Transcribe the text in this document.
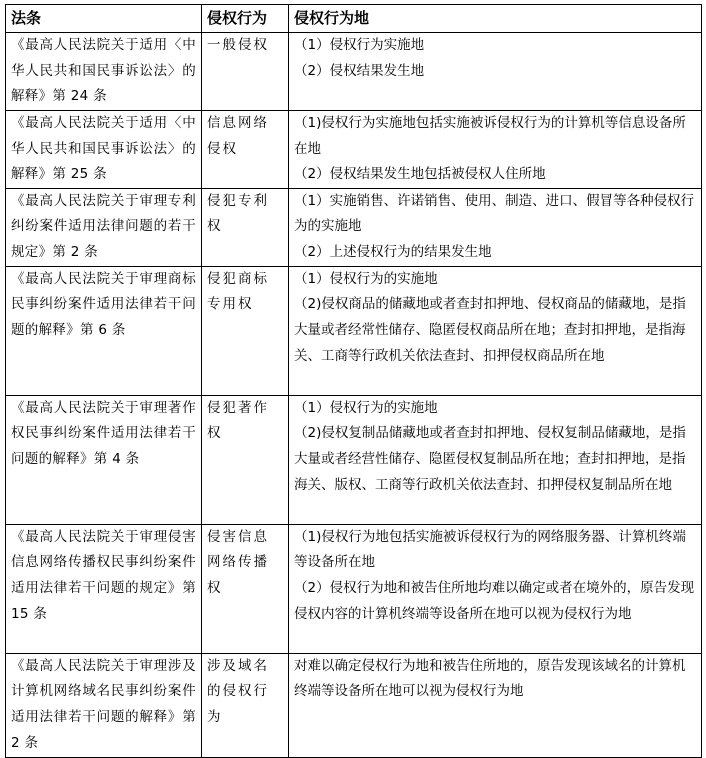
法条	侵权行为	侵权行为地
《最高人民法院关于适用〈中华人民共和国民事诉讼法〉的解释》第 24 条	一般侵权	（1）侵权行为实施地
（2）侵权结果发生地

《最高人民法院关于适用〈中华人民共和国民事诉讼法〉的解释》第 25 条	信息网络侵权	（1)侵权行为实施地包括实施被诉侵权行为的计算机等信息设备所在地
（2）侵权结果发生地包括被侵权人住所地

《最高人民法院关于审理专利纠纷案件适用法律问题的若干规定》第 2 条	侵犯专利权	（1）实施销售、许诺销售、使用、制造、进口、假冒等各种侵权行为的实施地
（2）上述侵权行为的结果发生地

《最高人民法院关于审理商标民事纠纷案件适用法律若干问题的解释》第 6 条	侵犯商标专用权	（1）侵权行为的实施地
（2)侵权商品的储藏地或者查封扣押地、侵权商品的储藏地，是指大量或者经常性储存、隐匿侵权商品所在地；查封扣押地，是指海关、工商等行政机关依法查封、扣押侵权商品所在地

《最高人民法院关于审理著作权民事纠纷案件适用法律若干问题的解释》第 4 条	侵犯著作权	（1）侵权行为的实施地
（2)侵权复制品储藏地或者查封扣押地、侵权复制品储藏地，是指大量或者经营性储存、隐匿侵权复制品所在地；查封扣押地，是指海关、版权、工商等行政机关依法查封、扣押侵权复制品所在地

《最高人民法院关于审理侵害信息网络传播权民事纠纷案件适用法律若干问题的规定》第 15 条	侵害信息网络传播权	（1)侵权行为地包括实施被诉侵权行为的网络服务器、计算机终端等设备所在地
（2）侵权行为地和被告住所地均难以确定或者在境外的，原告发现侵权内容的计算机终端等设备所在地可以视为侵权行为地

《最高人民法院关于审理涉及计算机网络域名民事纠纷案件适用法律若干问题的解释》第 2 条	涉及域名的侵权行为	对难以确定侵权行为地和被告住所地的，原告发现该域名的计算机终端等设备所在地可以视为侵权行为地
